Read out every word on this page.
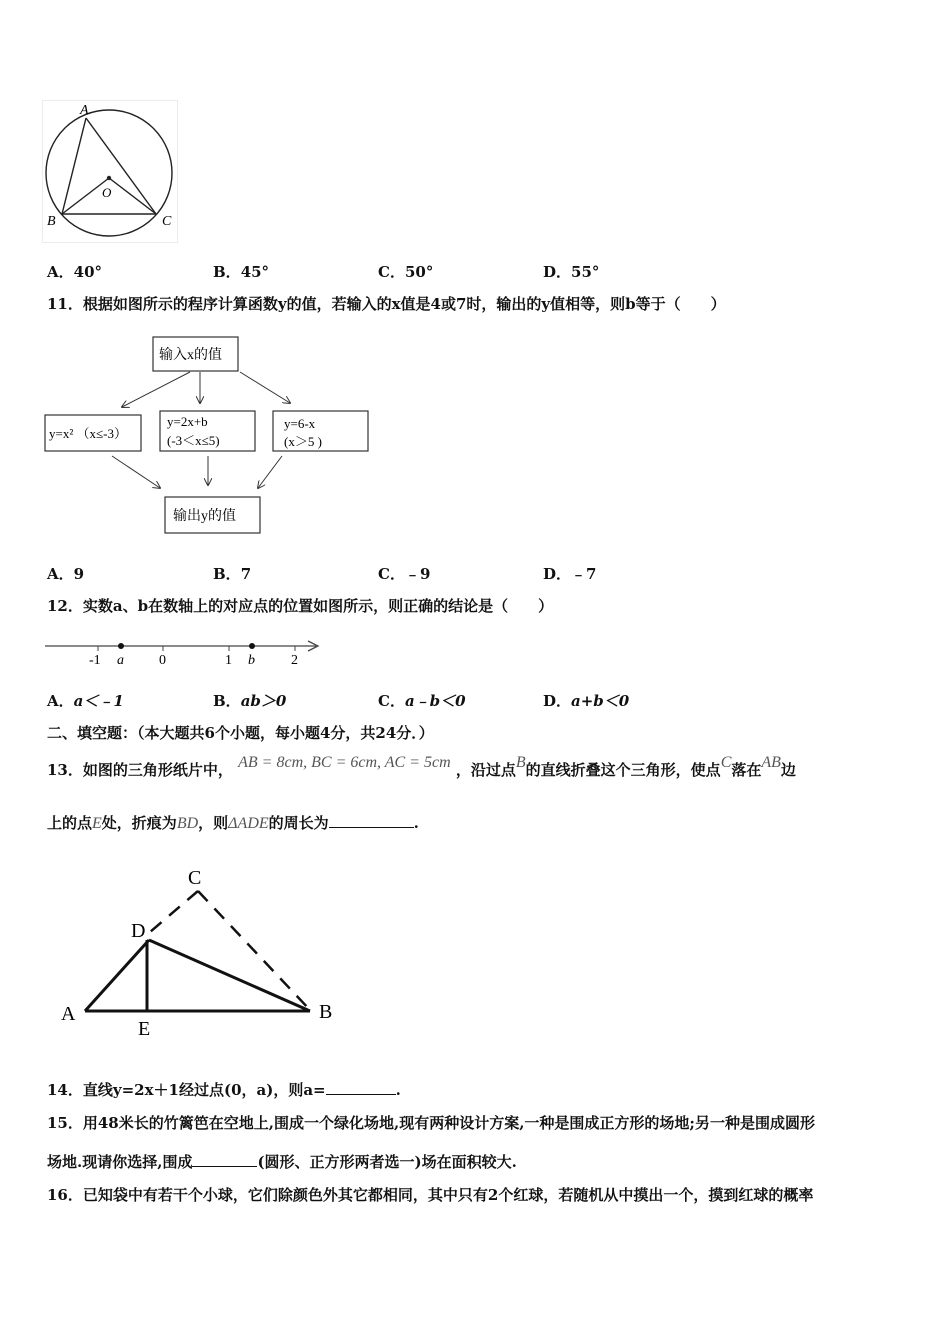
A
O
B	C
A．40°	B．45°	C．50°	D．55°
11．根据如图所示的程序计算函数y的值，若输入的x值是4或7时，输出的y值相等，则b等于（　　）
输入x的值
y=x² （x≤-3）
y=2x+b
(-3＜x≤5)
y=6-x
(x＞5 )
输出y的值
A．9	B．7	C．﹣9	D．﹣7
12．实数a、b在数轴上的对应点的位置如图所示，则正确的结论是（　　）
-1 a	0	1 b	2
A．a＜﹣1	B．ab＞0	C．a﹣b＜0	D．a+b＜0
二、填空题：（本大题共6个小题，每小题4分，共24分．）
13．如图的三角形纸片中， AB = 8cm, BC = 6cm, AC = 5cm ，沿过点B的直线折叠这个三角形，使点C落在AB边
上的点E处，折痕为BD，则ΔADE的周长为	.
C
D
A
E
B
14．直线y=2x＋1经过点(0，a)，则a=	.
15．用48米长的竹篱笆在空地上,围成一个绿化场地,现有两种设计方案,一种是围成正方形的场地;另一种是围成圆形
场地.现请你选择,围成	(圆形、正方形两者选一)场在面积较大.
16．已知袋中有若干个小球，它们除颜色外其它都相同，其中只有2个红球，若随机从中摸出一个，摸到红球的概率
